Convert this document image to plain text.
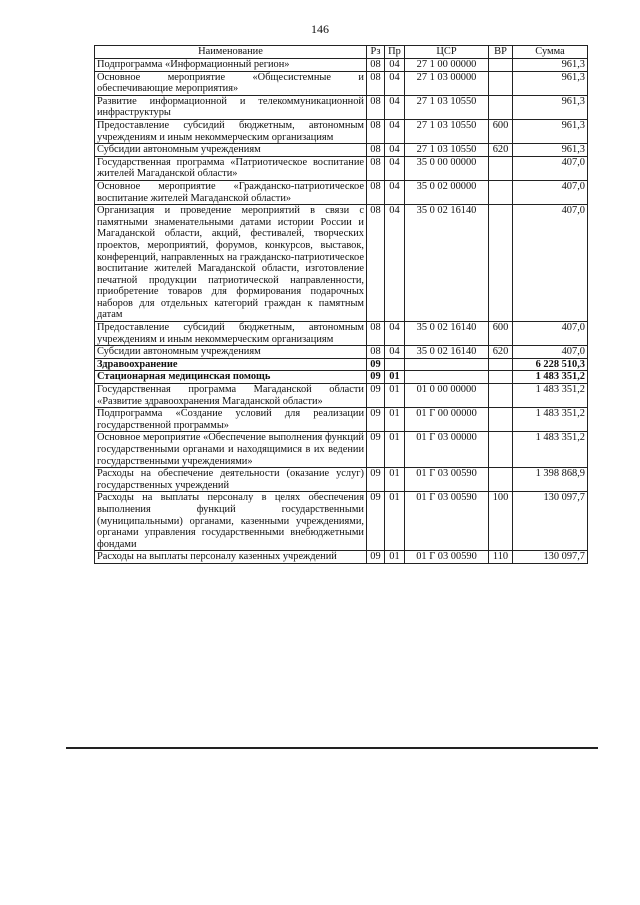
146
Наименование	Рз	Пр	ЦСР	ВР	Сумма
Подпрограмма «Информационный регион»	08	04	27 1 00 00000		961,3
Основное мероприятие «Общесистемные и обеспечивающие мероприятия»	08	04	27 1 03 00000		961,3
Развитие информационной и телекоммуникационной инфраструктуры	08	04	27 1 03 10550		961,3
Предоставление субсидий бюджетным, автономным учреждениям и иным некоммерческим организациям	08	04	27 1 03 10550	600	961,3
Субсидии автономным учреждениям	08	04	27 1 03 10550	620	961,3
Государственная программа «Патриотическое воспитание жителей Магаданской области»	08	04	35 0 00 00000		407,0
Основное мероприятие «Гражданско-патриотическое воспитание жителей Магаданской области»	08	04	35 0 02 00000		407,0
Организация и проведение мероприятий в связи с памятными знаменательными датами истории России и Магаданской области, акций, фестивалей, творческих проектов, мероприятий, форумов, конкурсов, выставок, конференций, направленных на гражданско-патриотическое воспитание жителей Магаданской области, изготовление печатной продукции патриотической направленности, приобретение товаров для формирования подарочных наборов для отдельных категорий граждан к памятным датам	08	04	35 0 02 16140		407,0
Предоставление субсидий бюджетным, автономным учреждениям и иным некоммерческим организациям	08	04	35 0 02 16140	600	407,0
Субсидии автономным учреждениям	08	04	35 0 02 16140	620	407,0
Здравоохранение	09				6 228 510,3
Стационарная медицинская помощь	09	01			1 483 351,2
Государственная программа Магаданской области «Развитие здравоохранения Магаданской области»	09	01	01 0 00 00000		1 483 351,2
Подпрограмма «Создание условий для реализации государственной программы»	09	01	01 Г 00 00000		1 483 351,2
Основное мероприятие «Обеспечение выполнения функций государственными органами и находящимися в их ведении государственными учреждениями»	09	01	01 Г 03 00000		1 483 351,2
Расходы на обеспечение деятельности (оказание услуг) государственных учреждений	09	01	01 Г 03 00590		1 398 868,9
Расходы на выплаты персоналу в целях обеспечения выполнения функций государственными (муниципальными) органами, казенными учреждениями, органами управления государственными внебюджетными фондами	09	01	01 Г 03 00590	100	130 097,7
Расходы на выплаты персоналу казенных учреждений	09	01	01 Г 03 00590	110	130 097,7
